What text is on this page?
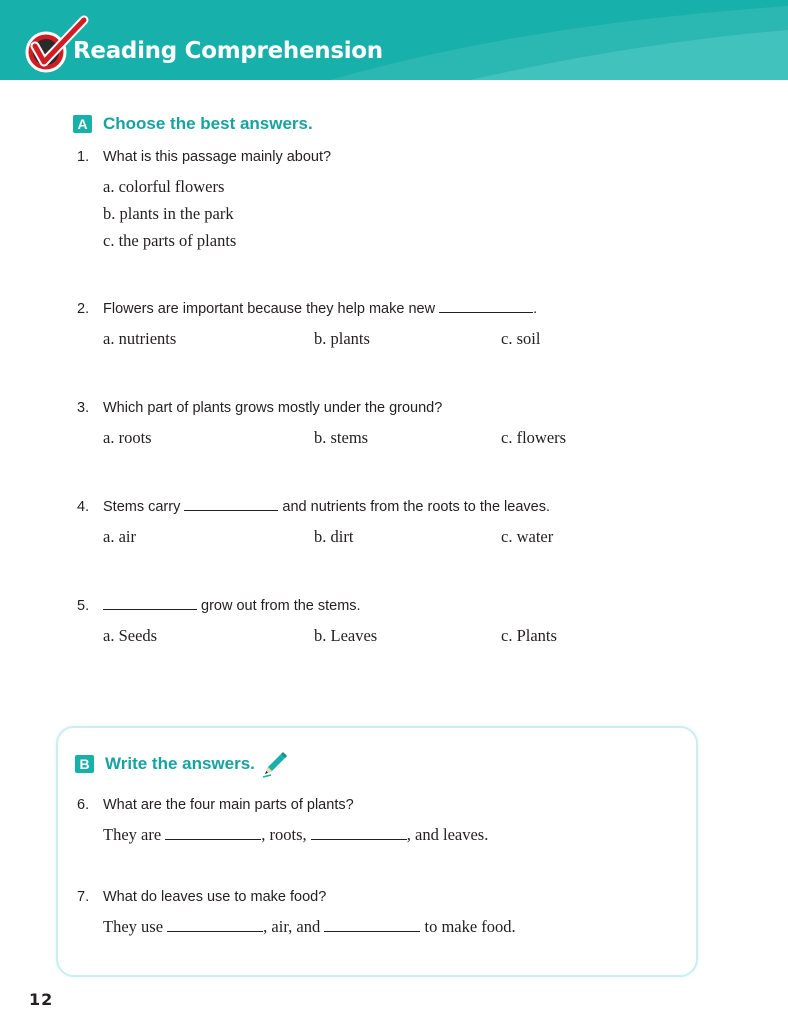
Reading Comprehension
A Choose the best answers.
1. What is this passage mainly about?
a. colorful flowers
b. plants in the park
c. the parts of plants
2. Flowers are important because they help make new	.
a. nutrients	b. plants	c. soil
3. Which part of plants grows mostly under the ground?
a. roots	b. stems	c. flowers
4. Stems carry	and nutrients from the roots to the leaves.
a. air	b. dirt	c. water
5.	grow out from the stems.
a. Seeds	b. Leaves	c. Plants
B Write the answers.
6. What are the four main parts of plants?
They are	, roots,	, and leaves.
7. What do leaves use to make food?
They use	, air, and	to make food.
12
